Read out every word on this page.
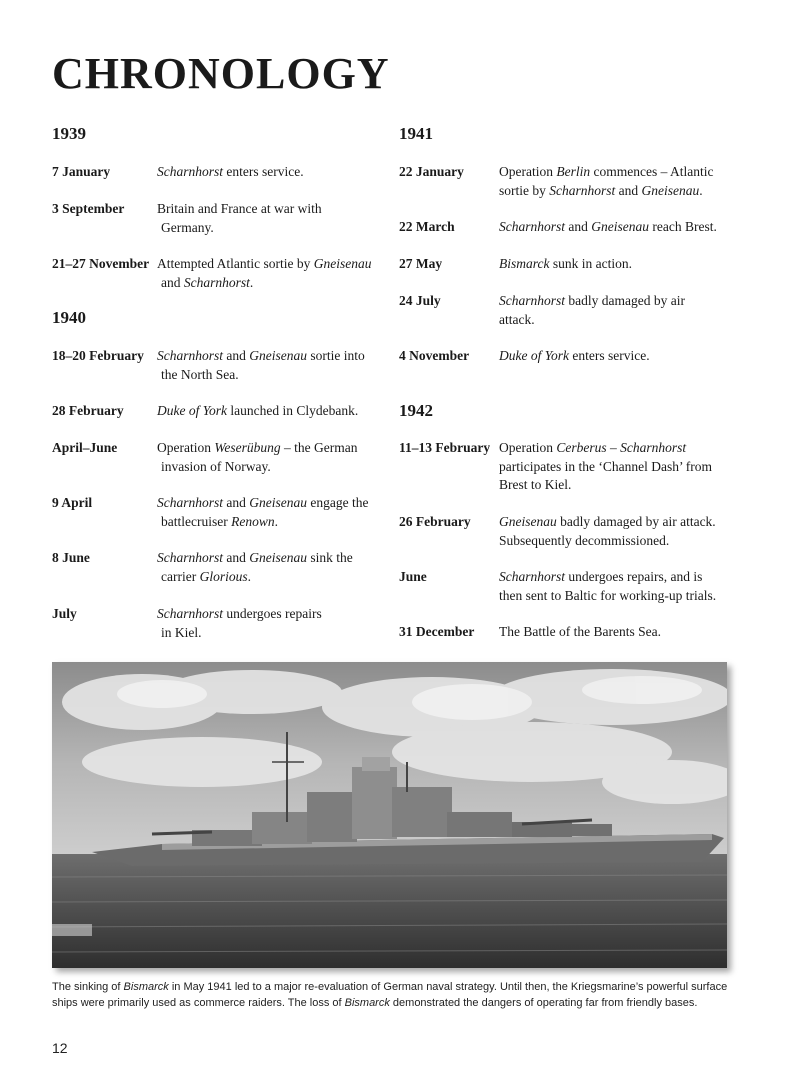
CHRONOLOGY
1939
7 January	Scharnhorst enters service.
3 September Britain and France at war with
Germany.
21–27 November Attempted Atlantic sortie by Gneisenau
and Scharnhorst.
1940
18–20 February Scharnhorst and Gneisenau sortie into
the North Sea.
28 February Duke of York launched in Clydebank.
April–June	Operation Weserübung – the German
invasion of Norway.
9 April	Scharnhorst and Gneisenau engage the
battlecruiser Renown.
8 June	Scharnhorst and Gneisenau sink the
carrier Glorious.
July	Scharnhorst undergoes repairs
in Kiel.
1941
22 January	Operation Berlin commences – Atlantic
sortie by Scharnhorst and Gneisenau.
22 March	Scharnhorst and Gneisenau reach Brest.
27 May	Bismarck sunk in action.
24 July	Scharnhorst badly damaged by air
attack.
4 November Duke of York enters service.
1942
11–13 February Operation Cerberus – Scharnhorst
participates in the ‘Channel Dash’ from
Brest to Kiel.
26 February Gneisenau badly damaged by air attack.
Subsequently decommissioned.
June	Scharnhorst undergoes repairs, and is
then sent to Baltic for working-up trials.
31 December The Battle of the Barents Sea.
The sinking of Bismarck in May 1941 led to a major re-evaluation of German naval strategy. Until then, the Kriegsmarine’s powerful surface ships were primarily used as commerce raiders. The loss of Bismarck demonstrated the dangers of operating far from friendly bases.
12
